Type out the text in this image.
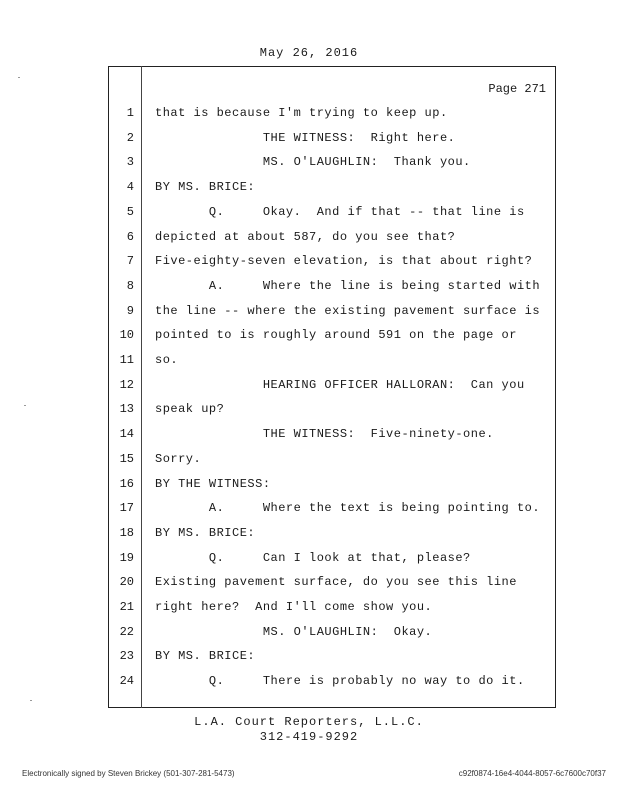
May 26, 2016
Page 271
1 that is because I'm trying to keep up.
2 THE WITNESS:  Right here.
3 MS. O'LAUGHLIN:  Thank you.
4 BY MS. BRICE:
5 Q.     Okay.  And if that -- that line is
6 depicted at about 587, do you see that?
7 Five-eighty-seven elevation, is that about right?
8 A.     Where the line is being started with
9 the line -- where the existing pavement surface is
10 pointed to is roughly around 591 on the page or
11 so.
12 HEARING OFFICER HALLORAN:  Can you
13 speak up?
14 THE WITNESS:  Five-ninety-one.
15 Sorry.
16 BY THE WITNESS:
17 A.     Where the text is being pointing to.
18 BY MS. BRICE:
19 Q.     Can I look at that, please?
20 Existing pavement surface, do you see this line
21 right here?  And I'll come show you.
22 MS. O'LAUGHLIN:  Okay.
23 BY MS. BRICE:
24 Q.     There is probably no way to do it.
L.A. Court Reporters, L.L.C.
312-419-9292
Electronically signed by Steven Brickey (501-307-281-5473)	c92f0874-16e4-4044-8057-6c7600c70f37
